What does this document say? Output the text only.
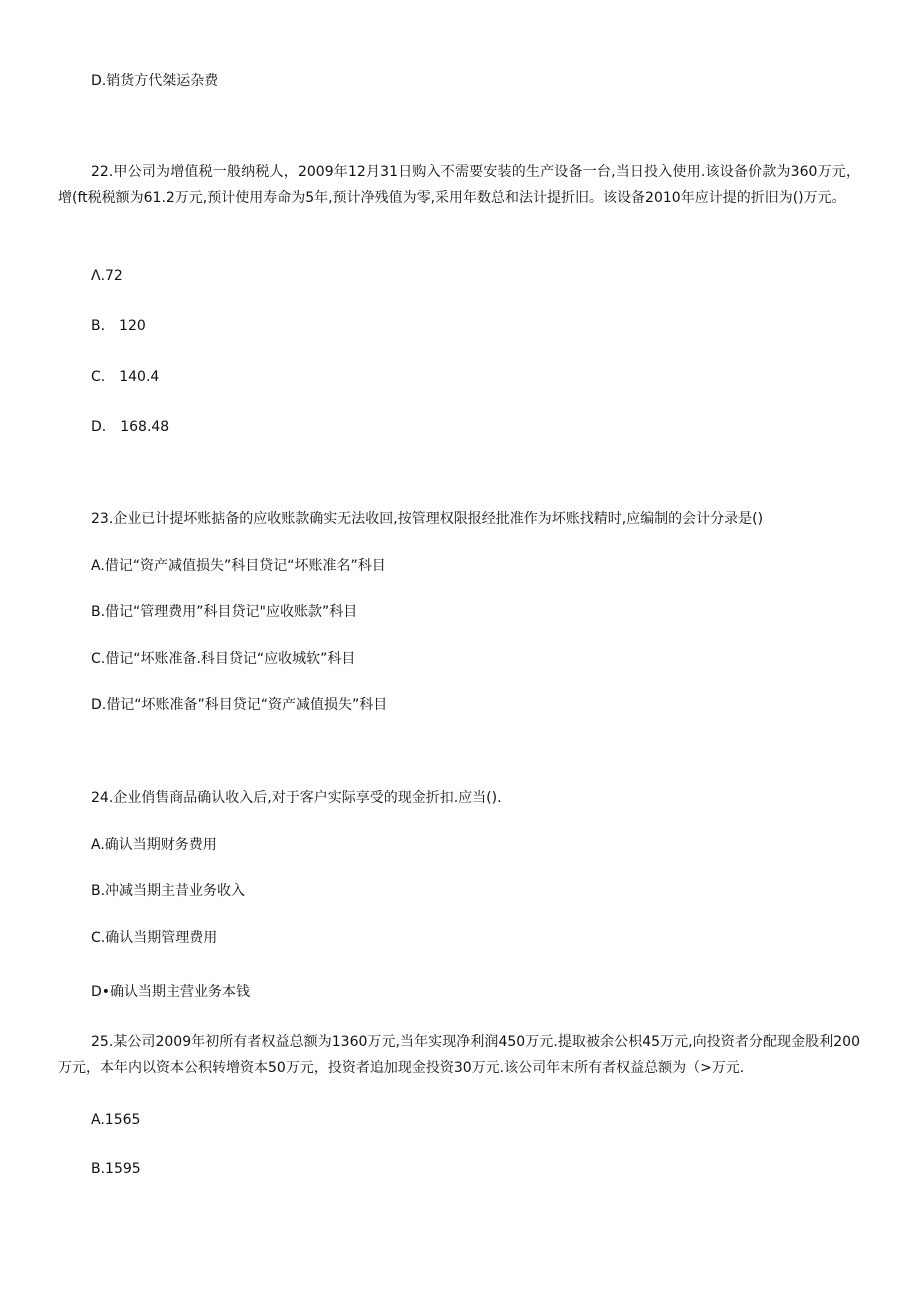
D.销货方代桀运杂费
22.甲公司为增值税一般纳税人，2009年12月31日购入不需要安装的生产设备一台,当日投入使用.该设备价款为360万元，增(ft税税额为61.2万元,预计使用寿命为5年,预计净残值为零,采用年数总和法计提折旧。该设备2010年应计提的折旧为()万元。
Λ.72
B. 120
C. 140.4
D. 168.48
23.企业已计提坏账掂备的应收账款确实无法收回,按管理权限报经批准作为坏账找精时,应编制的会计分录是()
A.借记“资产减值损失”科目贷记“坏账准名”科目
B.借记“管理费用”科目贷记"应收账款”科目
C.借记“坏账准备.科目贷记“应收城软”科目
D.借记“坏账准备”科目贷记“资产减值损失”科目
24.企业俏售商品确认收入后,对于客户实际享受的现金折扣.应当().
A.确认当期财务费用
B.冲减当期主昔业务收入
C.确认当期管理费用
D•确认当期主营业务本钱
25.某公司2009年初所有者权益总额为1360万元,当年实现净利润450万元.提取被余公枳45万元,向投资者分配现金股利200万元，本年内以资本公积转增资本50万元，投资者追加现金投资30万元.该公司年末所有者权益总额为（>万元.
A.1565
B.1595
